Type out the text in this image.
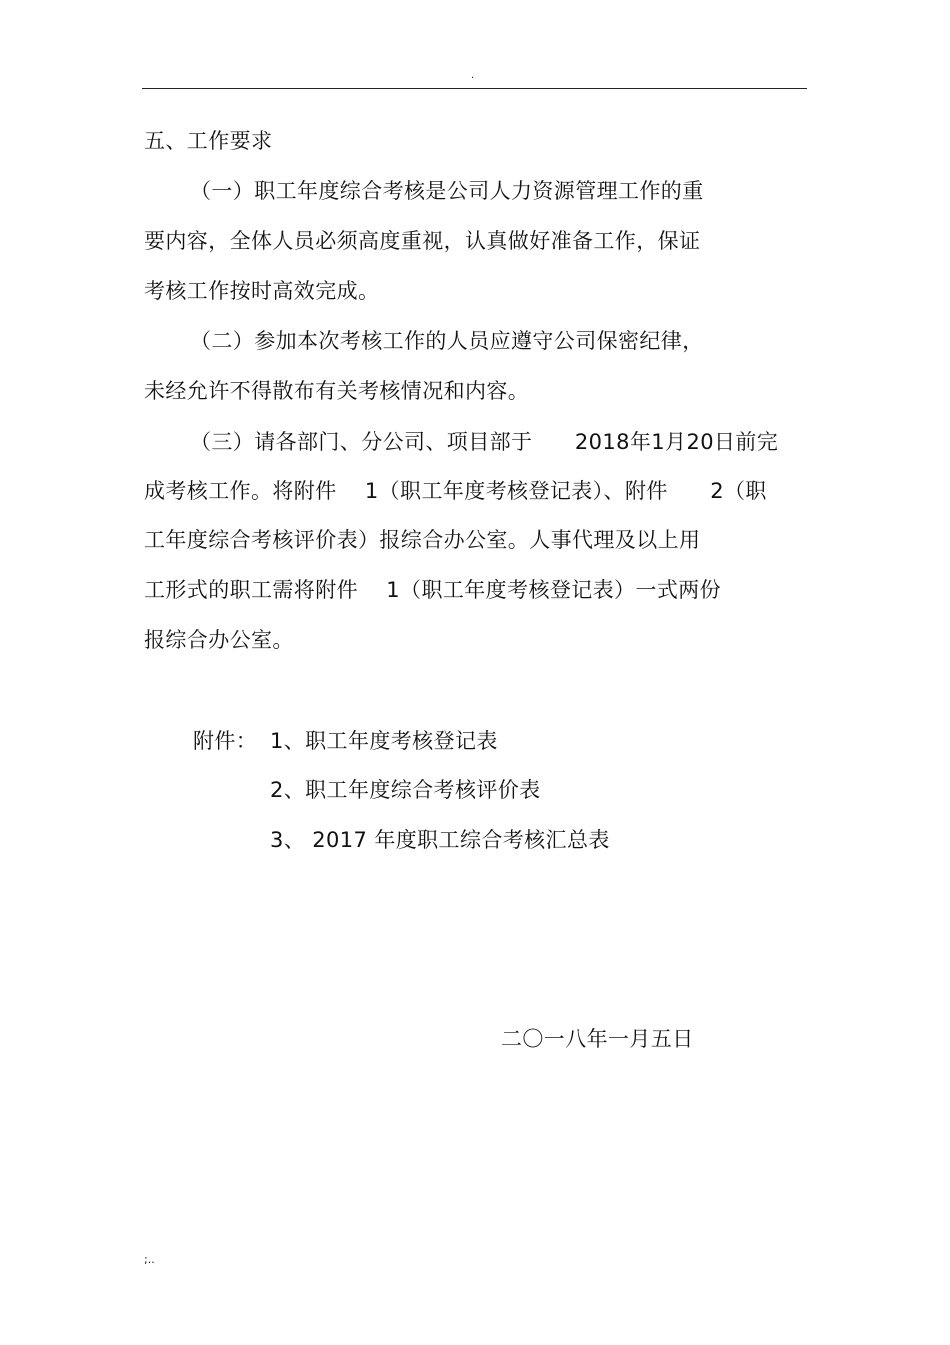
.
五、工作要求
（一）职工年度综合考核是公司人力资源管理工作的重
要内容，全体人员必须高度重视，认真做好准备工作，保证
考核工作按时高效完成。
（二）参加本次考核工作的人员应遵守公司保密纪律，
未经允许不得散布有关考核情况和内容。
（三）请各部门、分公司、项目部于      2018年1月20日前完
成考核工作。将附件    1（职工年度考核登记表）、附件      2（职
工年度综合考核评价表）报综合办公室。人事代理及以上用
工形式的职工需将附件    1（职工年度考核登记表）一式两份
报综合办公室。
附件： 1、职工年度考核登记表
2、职工年度综合考核评价表
3、 2017 年度职工综合考核汇总表
二〇一八年一月五日
;..
